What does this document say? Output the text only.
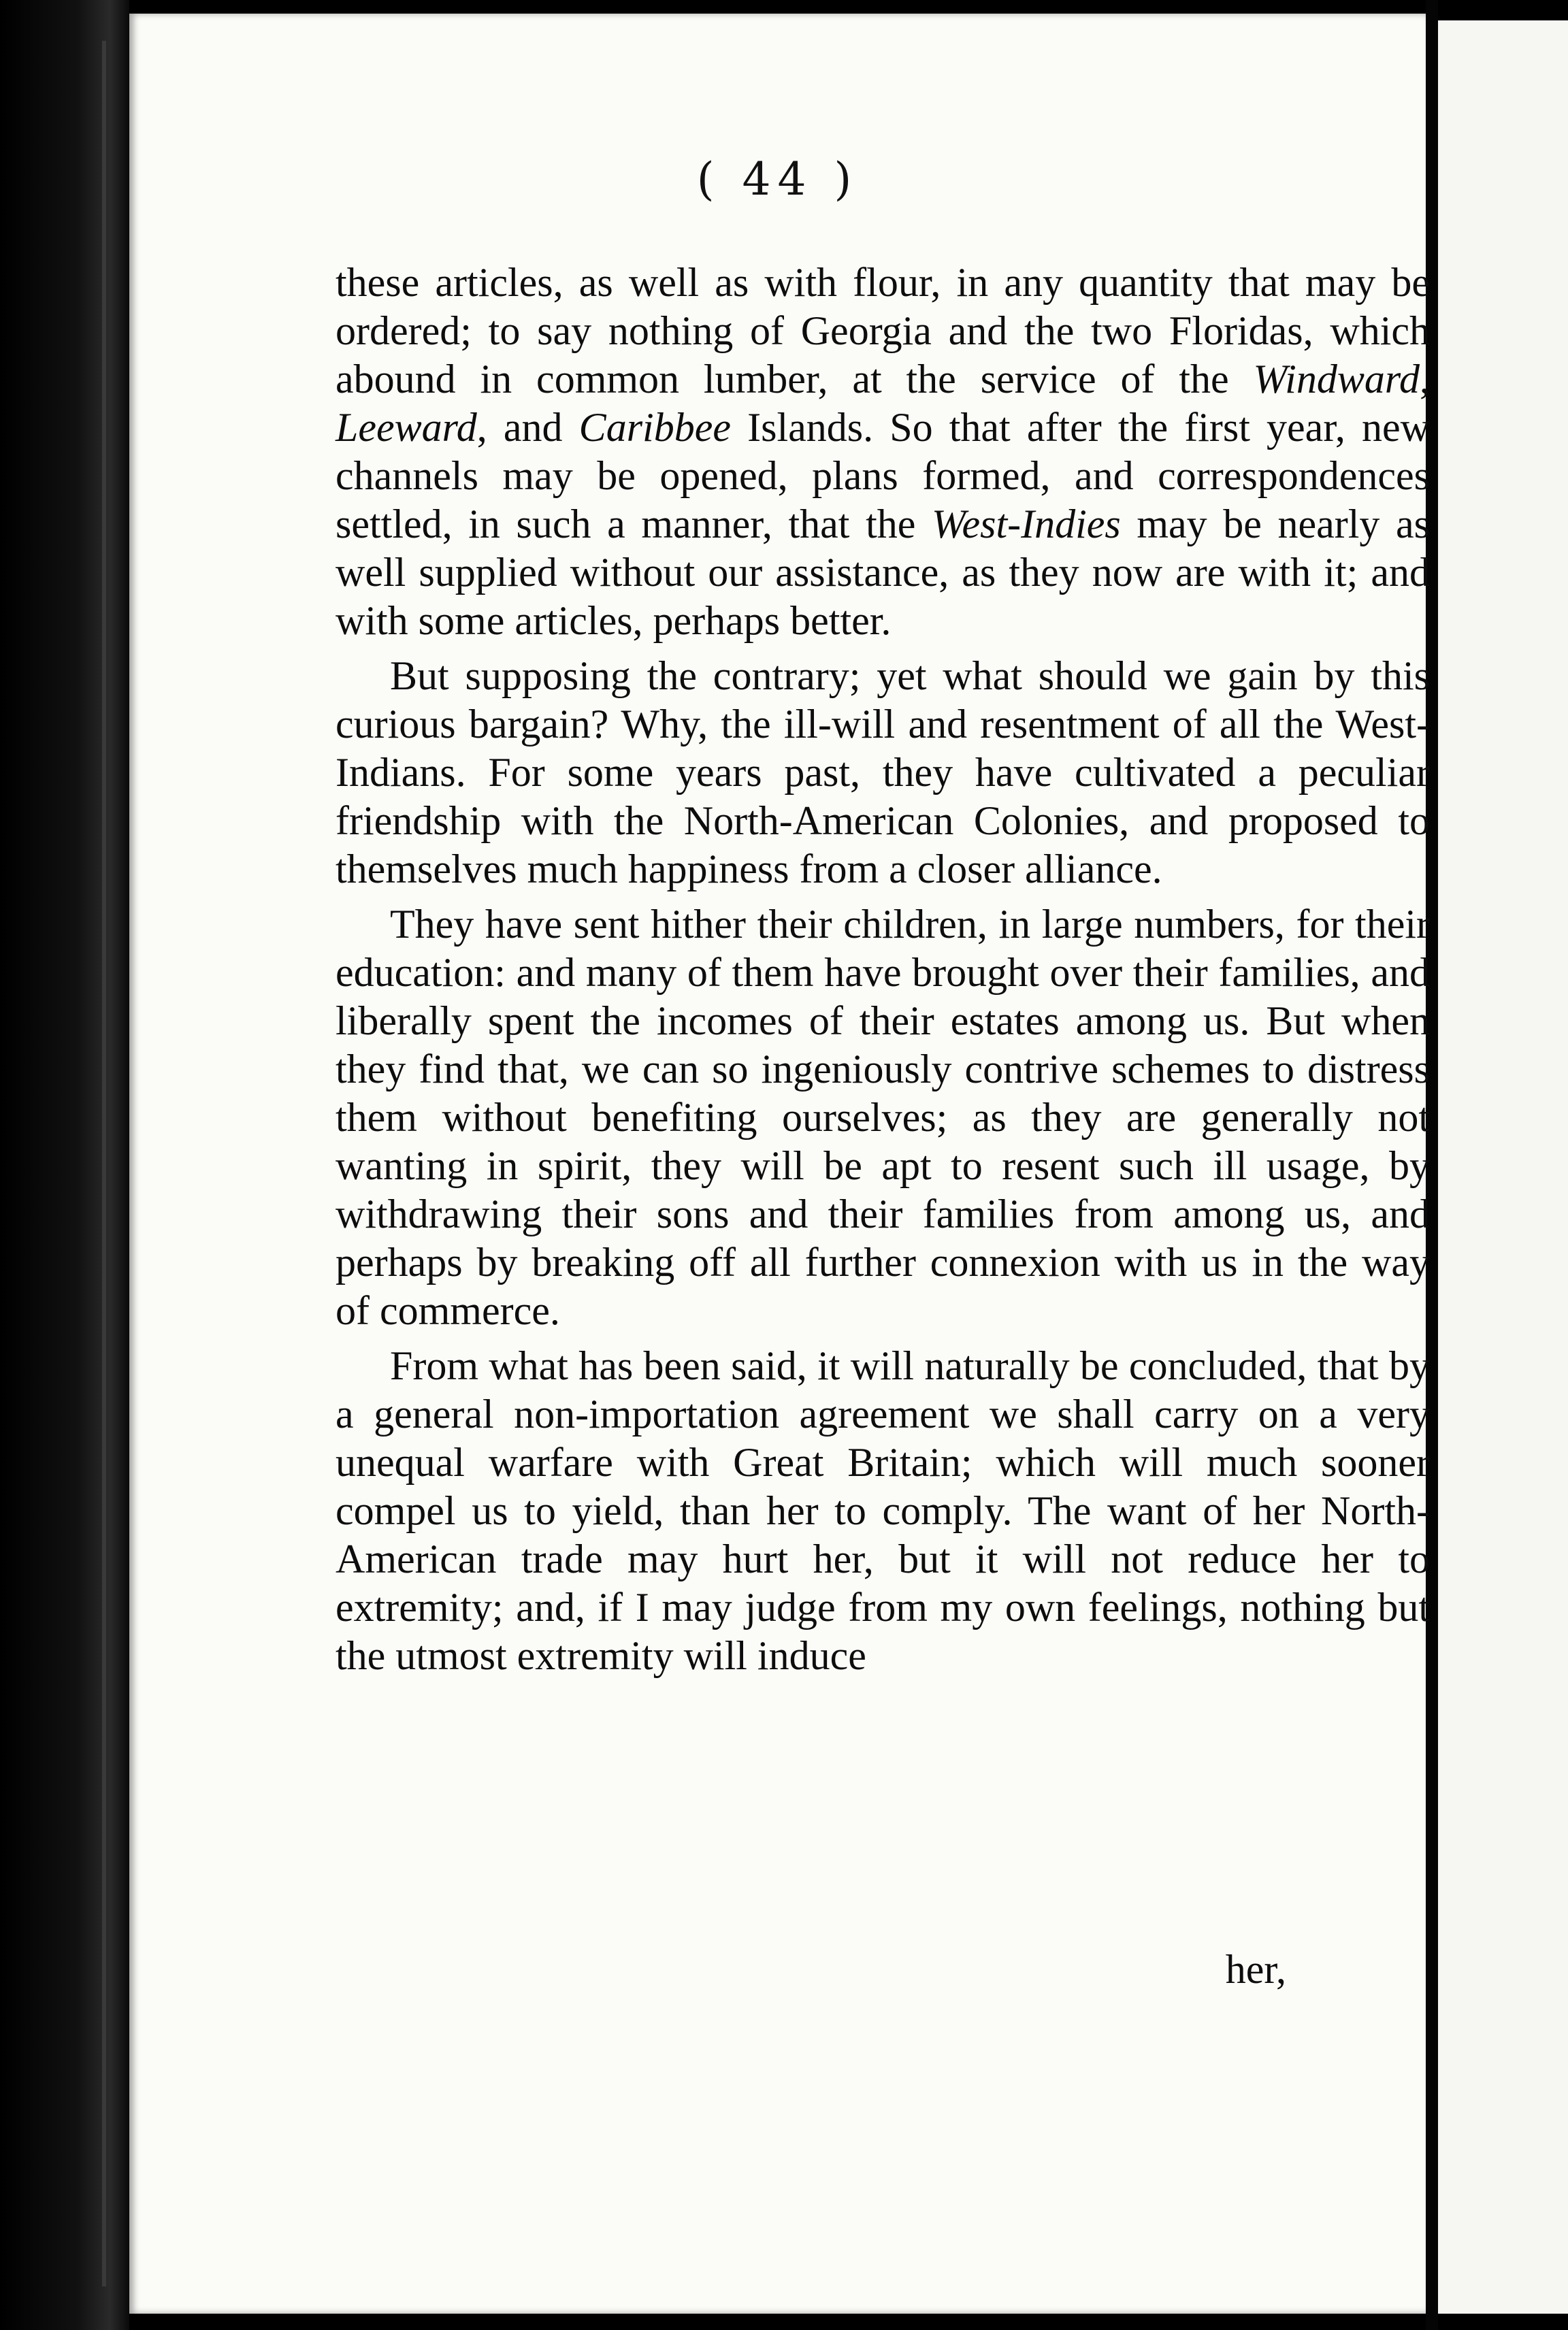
( 44 )

these articles, as well as with flour, in any quantity that may be ordered; to say nothing of Georgia and the two Floridas, which abound in common lumber, at the service of the Windward, Leeward, and Caribbee Islands. So that after the first year, new channels may be opened, plans formed, and correspondences settled, in such a manner, that the West-Indies may be nearly as well supplied without our assistance, as they now are with it; and with some articles, perhaps better.

But supposing the contrary; yet what should we gain by this curious bargain? Why, the ill-will and resentment of all the West-Indians. For some years past, they have cultivated a peculiar friendship with the North-American Colonies, and proposed to themselves much happiness from a closer alliance.

They have sent hither their children, in large numbers, for their education: and many of them have brought over their families, and liberally spent the incomes of their estates among us. But when they find that, we can so ingeniously contrive schemes to distress them without benefiting ourselves; as they are generally not wanting in spirit, they will be apt to resent such ill usage, by withdrawing their sons and their families from among us, and perhaps by breaking off all further connexion with us in the way of commerce.

From what has been said, it will naturally be concluded, that by a general non-importation agreement we shall carry on a very unequal warfare with Great Britain; which will much sooner compel us to yield, than her to comply. The want of her North-American trade may hurt her, but it will not reduce her to extremity; and, if I may judge from my own feelings, nothing but the utmost extremity will induce

her,
